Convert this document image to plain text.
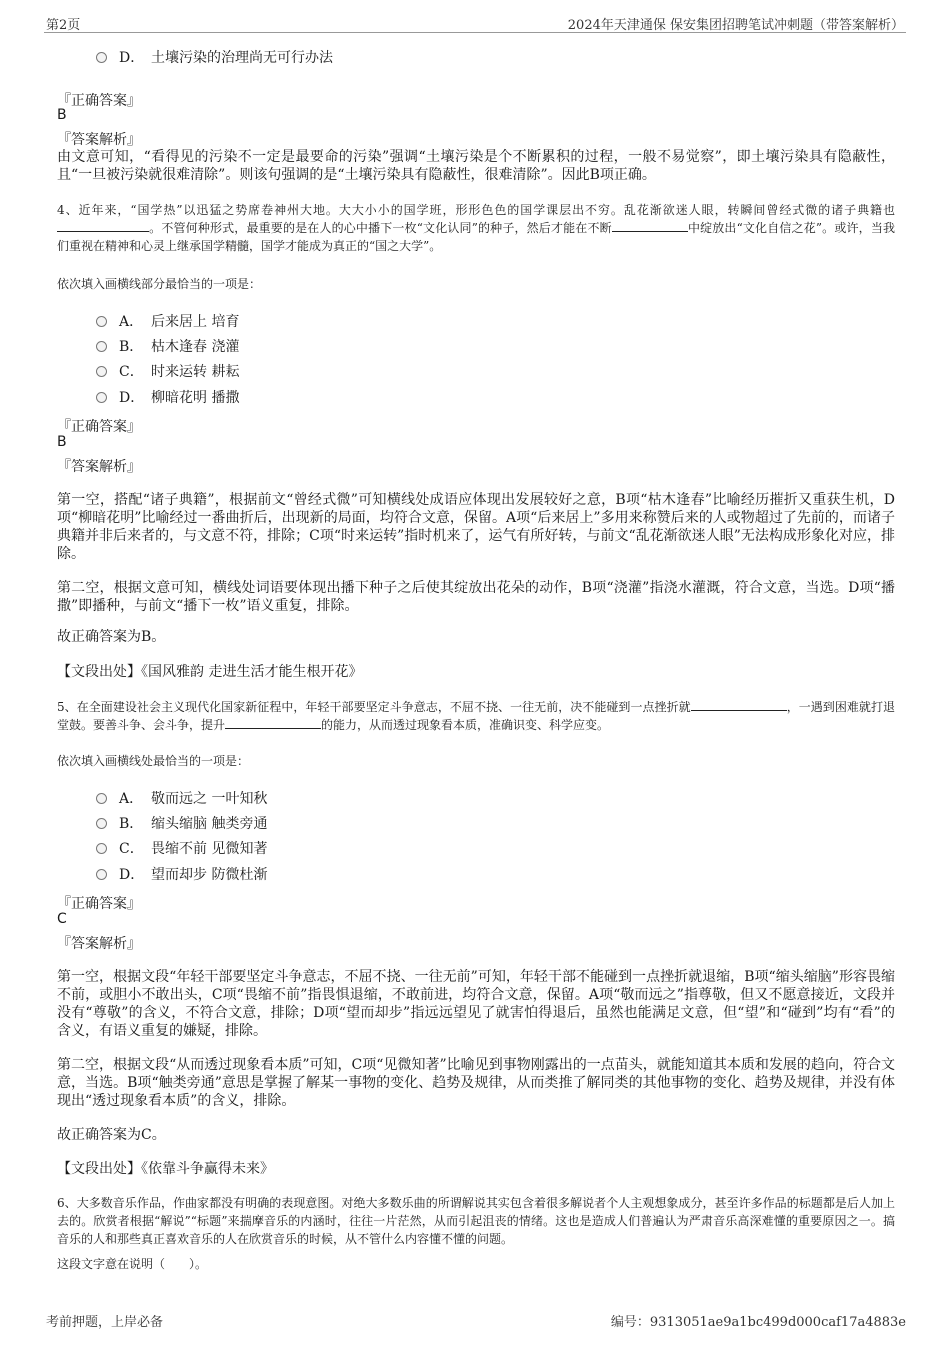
第2页	2024年天津通保 保安集团招聘笔试冲刺题（带答案解析）
D． 土壤污染的治理尚无可行办法
『正确答案』
B
『答案解析』
由文意可知，“看得见的污染不一定是最要命的污染”强调“土壤污染是个不断累积的过程，一般不易觉察”，即土壤污染具有隐蔽性，且“一旦被污染就很难清除”。则该句强调的是“土壤污染具有隐蔽性，很难清除”。因此B项正确。
4、近年来，“国学热”以迅猛之势席卷神州大地。大大小小的国学班，形形色色的国学课层出不穷。乱花渐欲迷人眼，转瞬间曾经式微的诸子典籍也。不管何种形式，最重要的是在人的心中播下一枚“文化认同”的种子，然后才能在不断	中绽放出“文化自信之花”。或许，当我们重视在精神和心灵上继承国学精髓，国学才能成为真正的“国之大学”。
依次填入画横线部分最恰当的一项是：
A． 后来居上 培育
B． 枯木逢春 浇灌
C． 时来运转 耕耘
D． 柳暗花明 播撒
『正确答案』
B
『答案解析』
第一空，搭配“诸子典籍”，根据前文“曾经式微”可知横线处成语应体现出发展较好之意，B项“枯木逢春”比喻经历摧折又重获生机，D项“柳暗花明”比喻经过一番曲折后，出现新的局面，均符合文意，保留。A项“后来居上”多用来称赞后来的人或物超过了先前的，而诸子典籍并非后来者的，与文意不符，排除；C项“时来运转”指时机来了，运气有所好转，与前文“乱花渐欲迷人眼”无法构成形象化对应，排除。
第二空，根据文意可知，横线处词语要体现出播下种子之后使其绽放出花朵的动作，B项“浇灌”指浇水灌溉，符合文意，当选。D项“播撒”即播种，与前文“播下一枚”语义重复，排除。
故正确答案为B。
【文段出处】《国风雅韵 走进生活才能生根开花》
5、在全面建设社会主义现代化国家新征程中，年轻干部要坚定斗争意志，不屈不挠、一往无前，决不能碰到一点挫折就	，一遇到困难就打退堂鼓。要善斗争、会斗争，提升	的能力，从而透过现象看本质，准确识变、科学应变。
依次填入画横线处最恰当的一项是：
A． 敬而远之 一叶知秋
B． 缩头缩脑 触类旁通
C． 畏缩不前 见微知著
D． 望而却步 防微杜渐
『正确答案』
C
『答案解析』
第一空，根据文段“年轻干部要坚定斗争意志，不屈不挠、一往无前”可知，年轻干部不能碰到一点挫折就退缩，B项“缩头缩脑”形容畏缩不前，或胆小不敢出头，C项“畏缩不前”指畏惧退缩，不敢前进，均符合文意，保留。A项“敬而远之”指尊敬，但又不愿意接近，文段并没有“尊敬”的含义，不符合文意，排除；D项“望而却步”指远远望见了就害怕得退后，虽然也能满足文意，但“望”和“碰到”均有“看”的含义，有语义重复的嫌疑，排除。
第二空，根据文段“从而透过现象看本质”可知，C项“见微知著”比喻见到事物刚露出的一点苗头，就能知道其本质和发展的趋向，符合文意，当选。B项“触类旁通”意思是掌握了解某一事物的变化、趋势及规律，从而类推了解同类的其他事物的变化、趋势及规律，并没有体现出“透过现象看本质”的含义，排除。
故正确答案为C。
【文段出处】《依靠斗争赢得未来》
6、大多数音乐作品，作曲家都没有明确的表现意图。对绝大多数乐曲的所谓解说其实包含着很多解说者个人主观想象成分，甚至许多作品的标题都是后人加上去的。欣赏者根据“解说”“标题”来揣摩音乐的内涵时，往往一片茫然，从而引起沮丧的情绪。这也是造成人们普遍认为严肃音乐高深难懂的重要原因之一。搞音乐的人和那些真正喜欢音乐的人在欣赏音乐的时候，从不管什么内容懂不懂的问题。
这段文字意在说明（　　）。
考前押题，上岸必备	编号：9313051ae9a1bc499d000caf17a4883e
